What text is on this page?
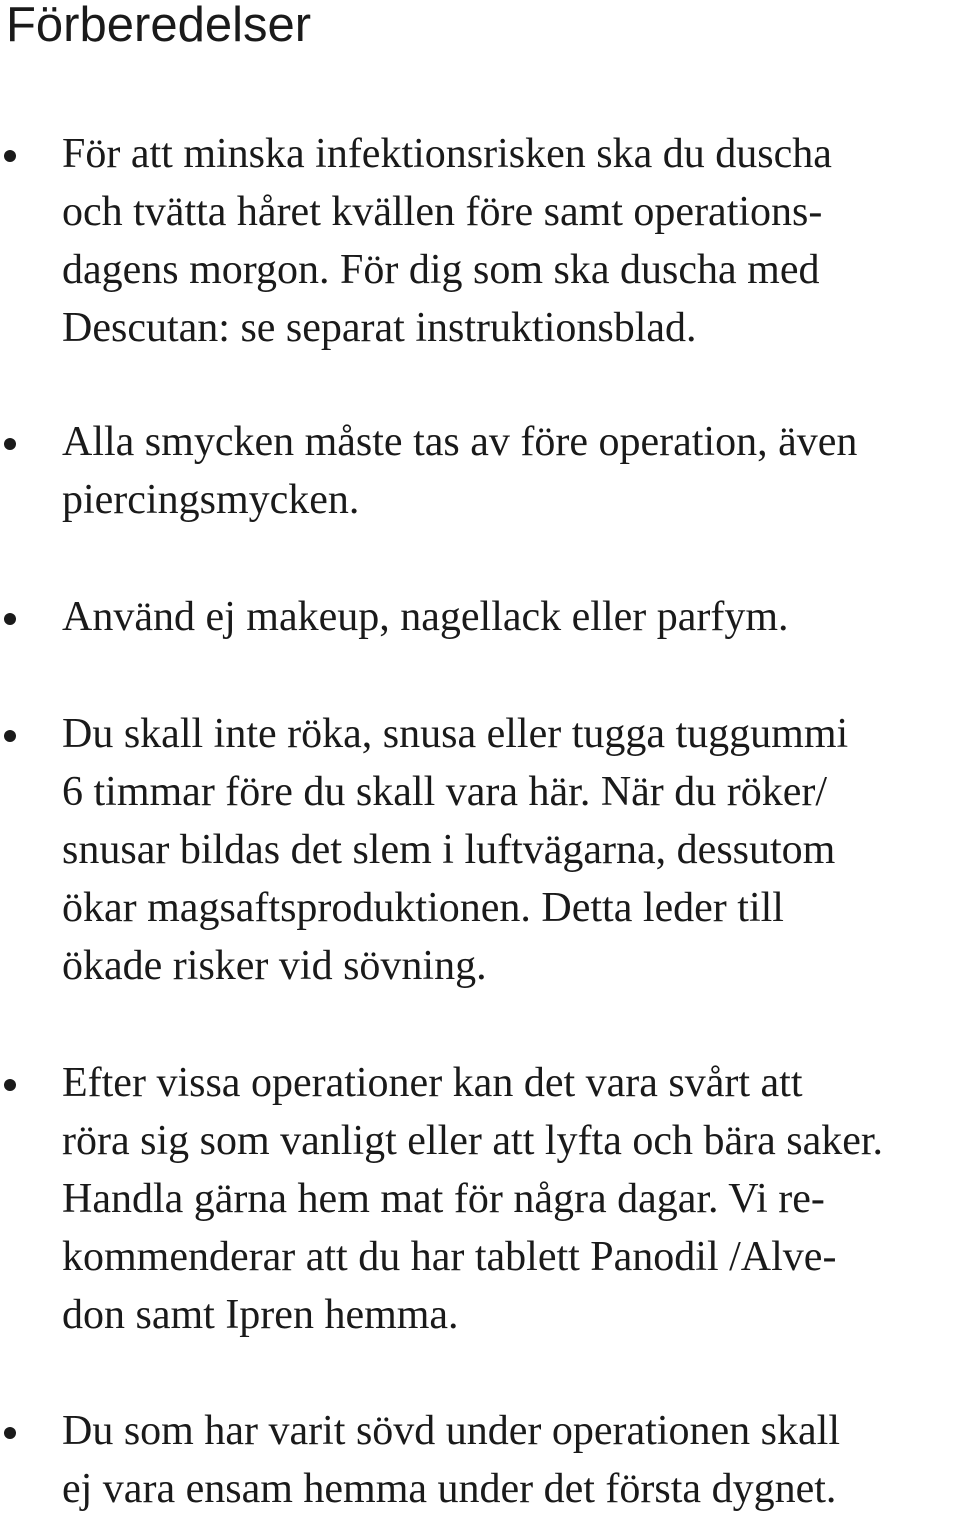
Förberedelser

För att minska infektionsrisken ska du duscha
och tvätta håret kvällen före samt operations-
dagens morgon. För dig som ska duscha med
Descutan: se separat instruktionsblad.

Alla smycken måste tas av före operation, även
piercingsmycken.

Använd ej makeup, nagellack eller parfym.

Du skall inte röka, snusa eller tugga tuggummi
6 timmar före du skall vara här. När du röker/
snusar bildas det slem i luftvägarna, dessutom
ökar magsaftsproduktionen. Detta leder till
ökade risker vid sövning.

Efter vissa operationer kan det vara svårt att
röra sig som vanligt eller att lyfta och bära saker.
Handla gärna hem mat för några dagar. Vi re-
kommenderar att du har tablett Panodil /Alve-
don samt Ipren hemma.

Du som har varit sövd under operationen skall
ej vara ensam hemma under det första dygnet.
